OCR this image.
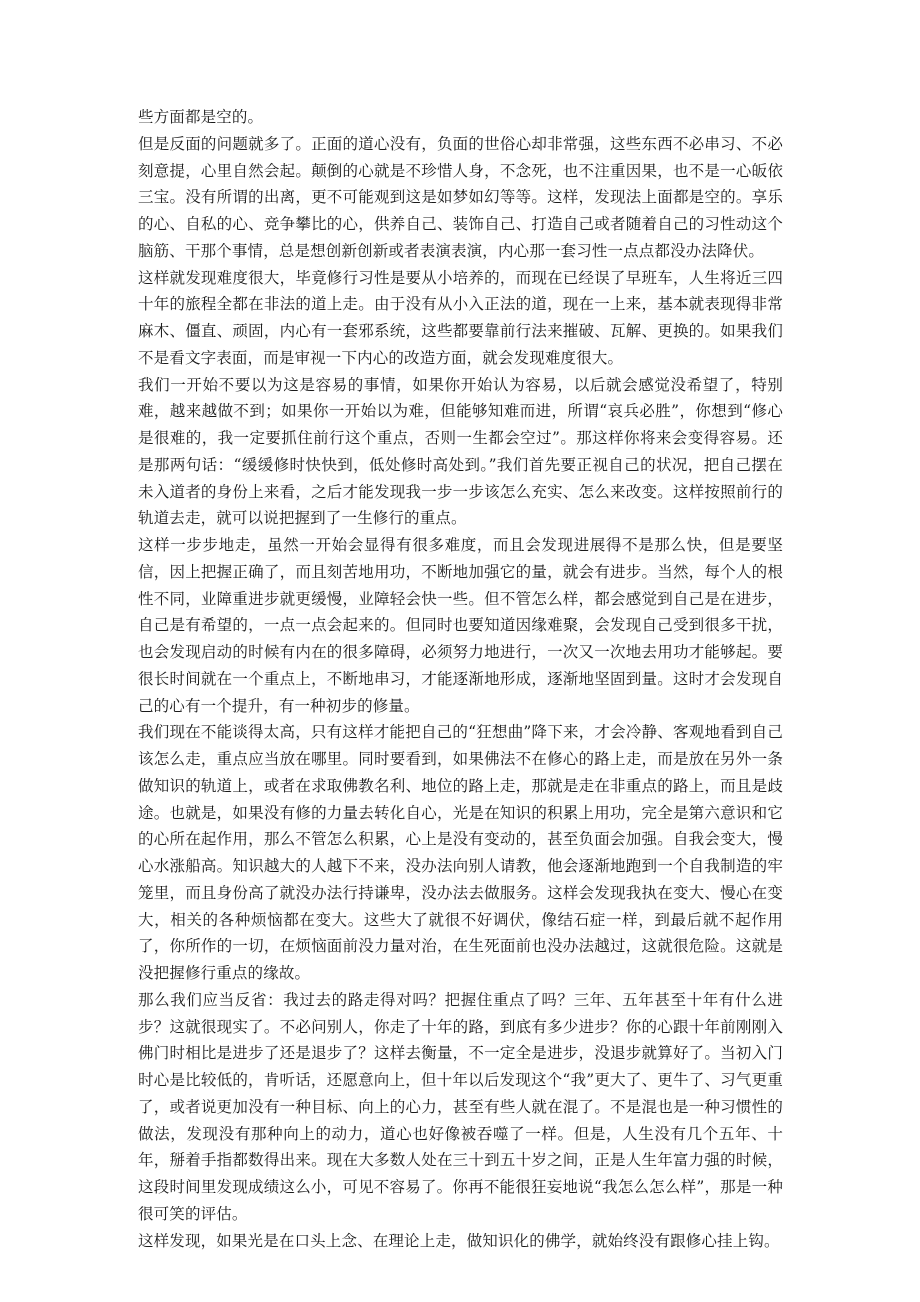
些方面都是空的。

但是反面的问题就多了。正面的道心没有，负面的世俗心却非常强，这些东西不必串习、不必刻意提，心里自然会起。颠倒的心就是不珍惜人身，不念死，也不注重因果，也不是一心皈依三宝。没有所谓的出离，更不可能观到这是如梦如幻等等。这样，发现法上面都是空的。享乐的心、自私的心、竞争攀比的心，供养自己、装饰自己、打造自己或者随着自己的习性动这个脑筋、干那个事情，总是想创新创新或者表演表演，内心那一套习性一点点都没办法降伏。

这样就发现难度很大，毕竟修行习性是要从小培养的，而现在已经误了早班车，人生将近三四十年的旅程全都在非法的道上走。由于没有从小入正法的道，现在一上来，基本就表现得非常麻木、僵直、顽固，内心有一套邪系统，这些都要靠前行法来摧破、瓦解、更换的。如果我们不是看文字表面，而是审视一下内心的改造方面，就会发现难度很大。

我们一开始不要以为这是容易的事情，如果你开始认为容易，以后就会感觉没希望了，特别难，越来越做不到；如果你一开始以为难，但能够知难而进，所谓“哀兵必胜”，你想到“修心是很难的，我一定要抓住前行这个重点，否则一生都会空过”。那这样你将来会变得容易。还是那两句话：“缓缓修时快快到，低处修时高处到。”我们首先要正视自己的状况，把自己摆在未入道者的身份上来看，之后才能发现我一步一步该怎么充实、怎么来改变。这样按照前行的轨道去走，就可以说把握到了一生修行的重点。

这样一步步地走，虽然一开始会显得有很多难度，而且会发现进展得不是那么快，但是要坚信，因上把握正确了，而且刻苦地用功，不断地加强它的量，就会有进步。当然，每个人的根性不同，业障重进步就更缓慢，业障轻会快一些。但不管怎么样，都会感觉到自己是在进步，自己是有希望的，一点一点会起来的。但同时也要知道因缘难聚，会发现自己受到很多干扰，也会发现启动的时候有内在的很多障碍，必须努力地进行，一次又一次地去用功才能够起。要很长时间就在一个重点上，不断地串习，才能逐渐地形成，逐渐地坚固到量。这时才会发现自己的心有一个提升，有一种初步的修量。

我们现在不能谈得太高，只有这样才能把自己的“狂想曲”降下来，才会冷静、客观地看到自己该怎么走，重点应当放在哪里。同时要看到，如果佛法不在修心的路上走，而是放在另外一条做知识的轨道上，或者在求取佛教名利、地位的路上走，那就是走在非重点的路上，而且是歧途。也就是，如果没有修的力量去转化自心，光是在知识的积累上用功，完全是第六意识和它的心所在起作用，那么不管怎么积累，心上是没有变动的，甚至负面会加强。自我会变大，慢心水涨船高。知识越大的人越下不来，没办法向别人请教，他会逐渐地跑到一个自我制造的牢笼里，而且身份高了就没办法行持谦卑，没办法去做服务。这样会发现我执在变大、慢心在变大，相关的各种烦恼都在变大。这些大了就很不好调伏，像结石症一样，到最后就不起作用了，你所作的一切，在烦恼面前没力量对治，在生死面前也没办法越过，这就很危险。这就是没把握修行重点的缘故。

那么我们应当反省：我过去的路走得对吗？把握住重点了吗？三年、五年甚至十年有什么进步？这就很现实了。不必问别人，你走了十年的路，到底有多少进步？你的心跟十年前刚刚入佛门时相比是进步了还是退步了？这样去衡量，不一定全是进步，没退步就算好了。当初入门时心是比较低的，肯听话，还愿意向上，但十年以后发现这个“我”更大了、更牛了、习气更重了，或者说更加没有一种目标、向上的心力，甚至有些人就在混了。不是混也是一种习惯性的做法，发现没有那种向上的动力，道心也好像被吞噬了一样。但是，人生没有几个五年、十年，掰着手指都数得出来。现在大多数人处在三十到五十岁之间，正是人生年富力强的时候，这段时间里发现成绩这么小，可见不容易了。你再不能很狂妄地说“我怎么怎么样”，那是一种很可笑的评估。

这样发现，如果光是在口头上念、在理论上走，做知识化的佛学，就始终没有跟修心挂上钩。
